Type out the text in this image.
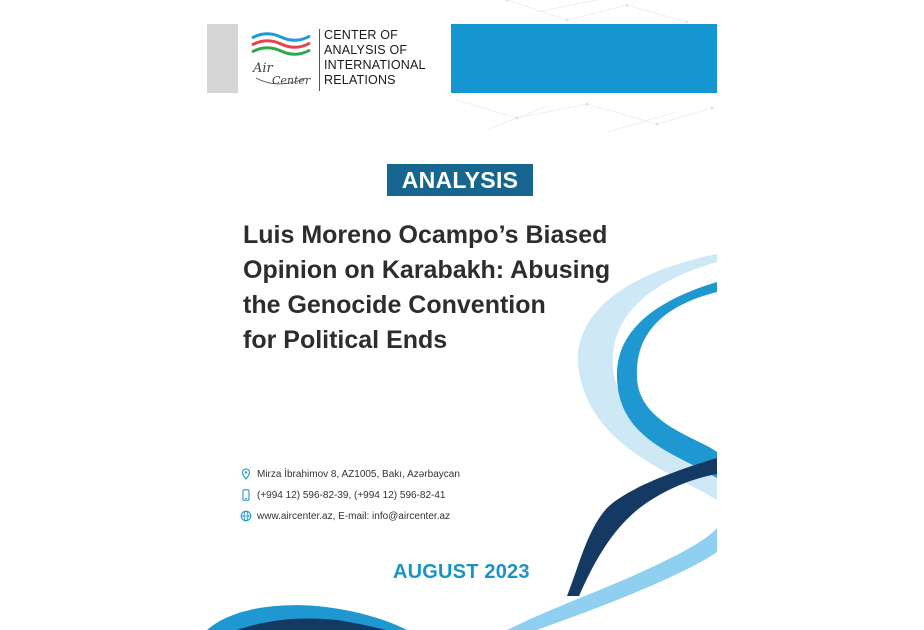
Air
Center
CENTER OF
ANALYSIS OF
INTERNATIONAL
RELATIONS
ANALYSIS
Luis Moreno Ocampo’s Biased
Opinion on Karabakh: Abusing
the Genocide Convention
for Political Ends
Mirza İbrahimov 8, AZ1005, Bakı, Azərbaycan
(+994 12) 596-82-39, (+994 12) 596-82-41
www.aircenter.az, E-mail: info@aircenter.az
AUGUST 2023
